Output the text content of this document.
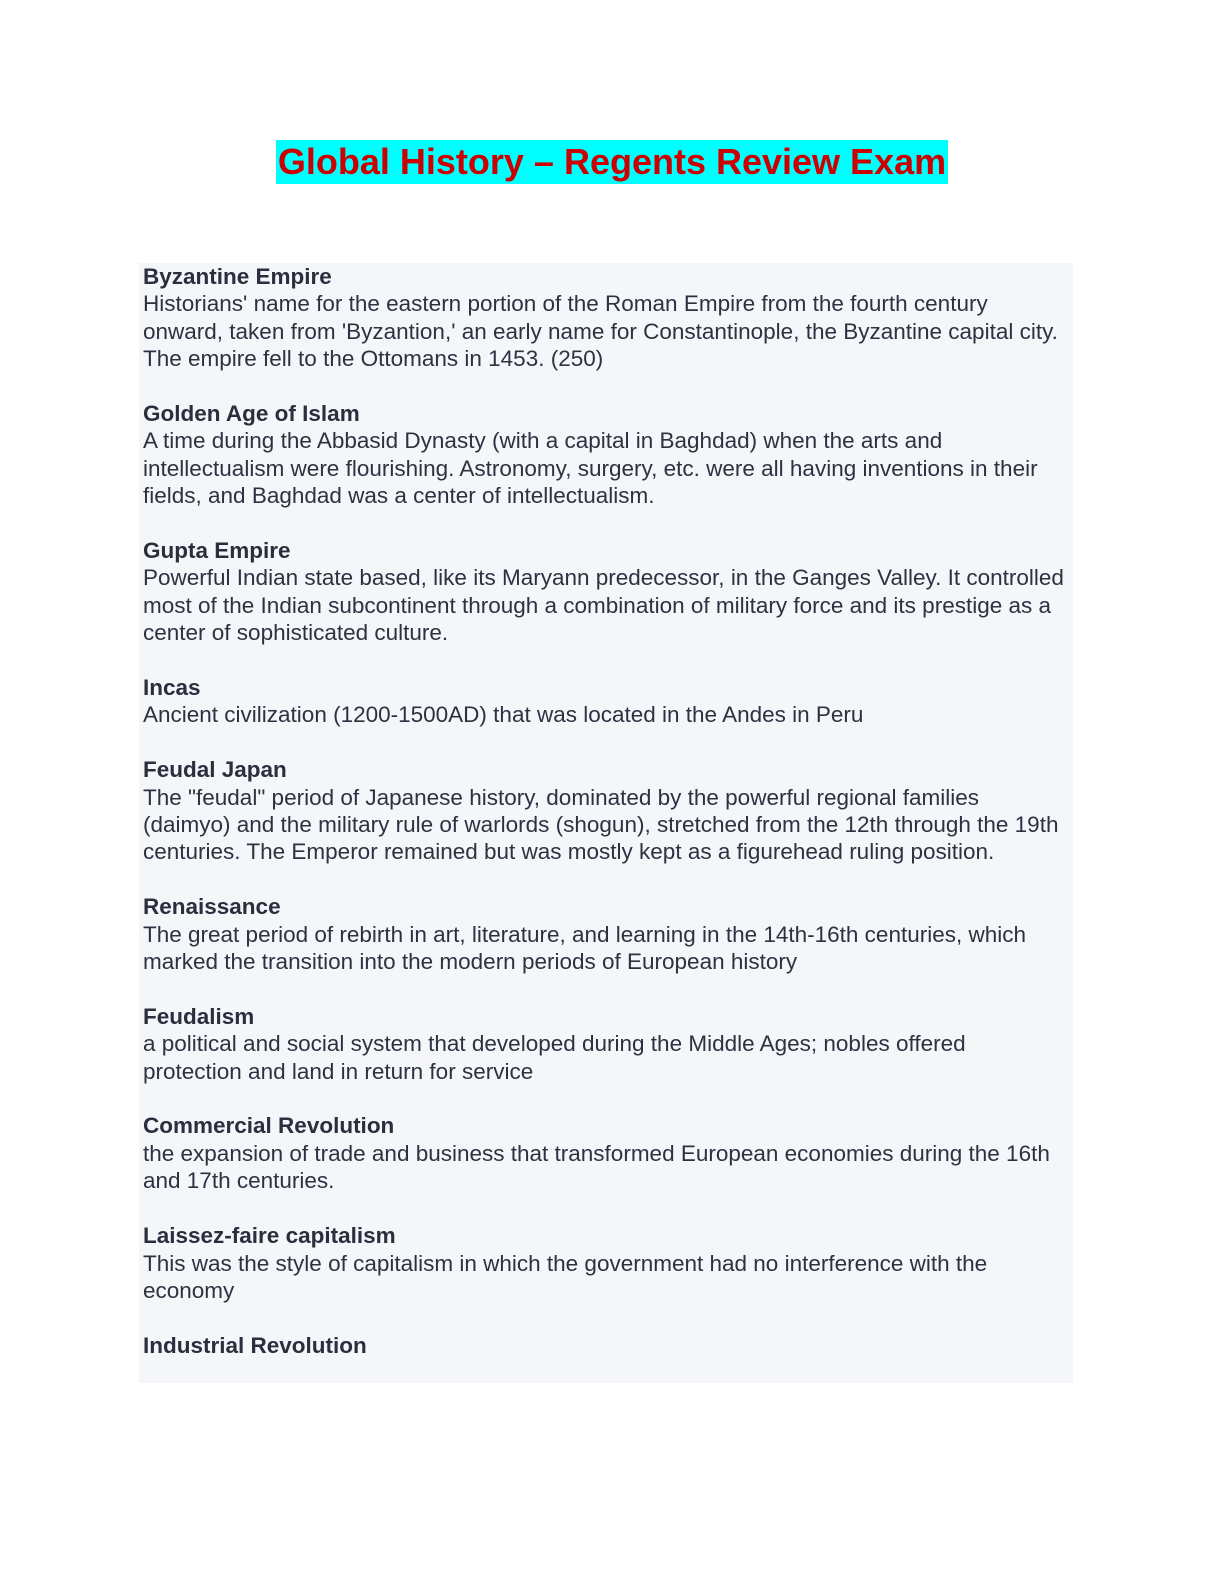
Global History – Regents Review Exam
Byzantine Empire
Historians' name for the eastern portion of the Roman Empire from the fourth century onward, taken from 'Byzantion,' an early name for Constantinople, the Byzantine capital city. The empire fell to the Ottomans in 1453. (250)
Golden Age of Islam
A time during the Abbasid Dynasty (with a capital in Baghdad) when the arts and intellectualism were flourishing. Astronomy, surgery, etc. were all having inventions in their fields, and Baghdad was a center of intellectualism.
Gupta Empire
Powerful Indian state based, like its Maryann predecessor, in the Ganges Valley. It controlled most of the Indian subcontinent through a combination of military force and its prestige as a center of sophisticated culture.
Incas
Ancient civilization (1200-1500AD) that was located in the Andes in Peru
Feudal Japan
The "feudal" period of Japanese history, dominated by the powerful regional families (daimyo) and the military rule of warlords (shogun), stretched from the 12th through the 19th centuries. The Emperor remained but was mostly kept as a figurehead ruling position.
Renaissance
The great period of rebirth in art, literature, and learning in the 14th-16th centuries, which marked the transition into the modern periods of European history
Feudalism
a political and social system that developed during the Middle Ages; nobles offered protection and land in return for service
Commercial Revolution
the expansion of trade and business that transformed European economies during the 16th and 17th centuries.
Laissez-faire capitalism
This was the style of capitalism in which the government had no interference with the economy
Industrial Revolution
